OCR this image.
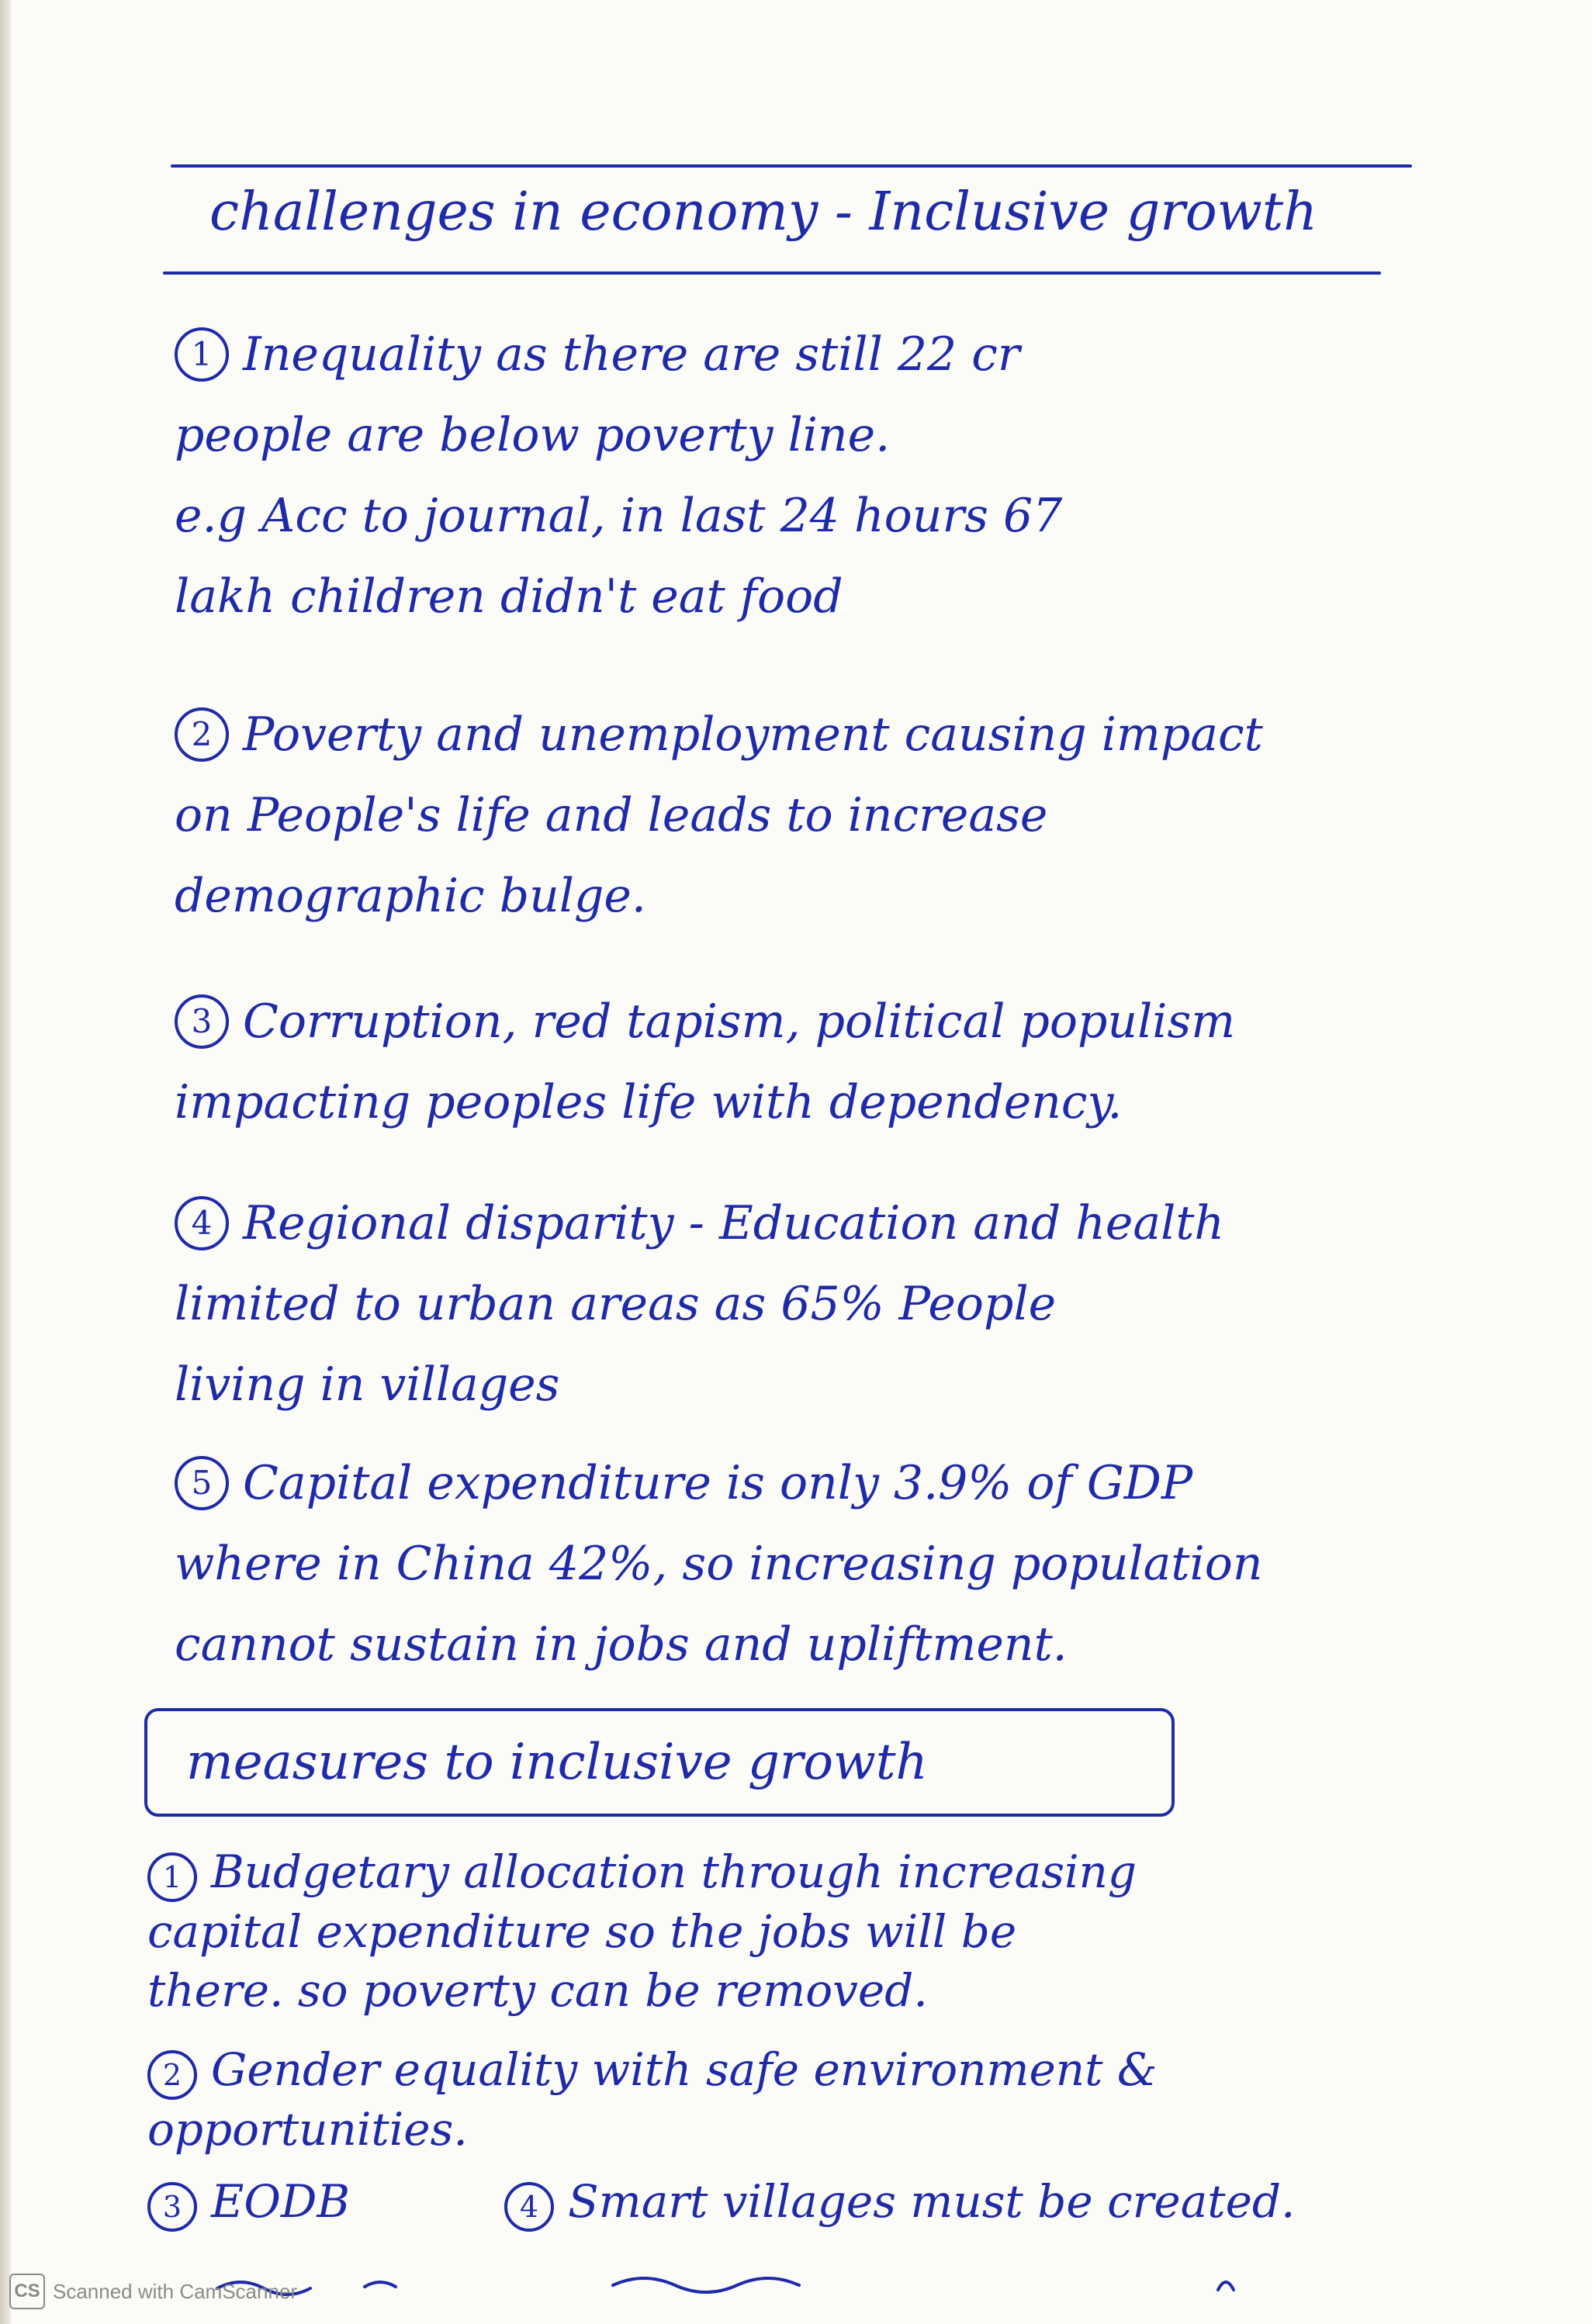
challenges in economy - Inclusive growth
1 Inequality as there are still 22 cr
people are below poverty line.
e.g Acc to journal, in last 24 hours 67
lakh children didn't eat food
2 Poverty and unemployment causing impact
on People's life and leads to increase
demographic bulge.
3 Corruption, red tapism, political populism
impacting peoples life with dependency.
4 Regional disparity - Education and health
limited to urban areas as 65% People
living in villages
5 Capital expenditure is only 3.9% of GDP
where in China 42%, so increasing population
cannot sustain in jobs and upliftment.
measures to inclusive growth
1 Budgetary allocation through increasing
capital expenditure so the jobs will be
there. so poverty can be removed.
2 Gender equality with safe environment &
opportunities.
3 EODB	4 Smart villages must be created.
CS Scanned with CamScanner
